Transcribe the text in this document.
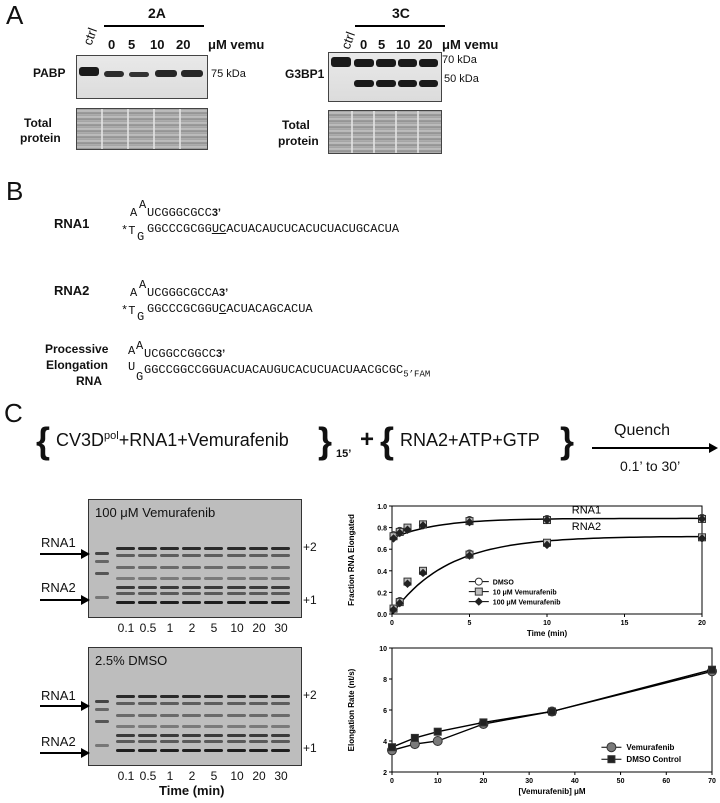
A
ctrl
2A
0 5 10 20 μM vemu
PABP	75 kDa
Total
protein
ctrl
3C
0 5 10 20 μM vemu
G3BP1
70 kDa
50 kDa
Total
protein
B
RNA1
A
A
UCGGGCGCC3’
*T G
GGCCCGCGGUCACUACAUCUCACUCUACUGCACUA
RNA2	A
A
UCGGGCGCCA3’
*T G
GGCCCGCGGUCACUACAGCACUA
Processive
Elongation
RNA
A A
UCGGCCGGCC3’
U
G $GGCCGGCCGGUACUACAUGUCACUCUACUAACGCGC_{5’FAM}$
C
{ $CV3D^{pol}+RNA1+Vemurafenib$ } 15’
+ { RNA2+ATP+GTP } Quench
0.1’ to 30’
100 μM Vemurafenib
RNA1
RNA2
+2
+1
0.1 0.5 1	2	5	10 20 30
2.5% DMSO
RNA1
RNA2
+2
+1
0.1 0.5 1	2	5	10 20 30
Time (min)
0.0
0.2
0.4
0.6
0.8
1.0
0	5	10	15	20
Time (min)
Fraction RNA Elongated
RNA1
RNA2
DMSO
10 μM Vemurafenib
100 μM Vemurafenib
2
4
6
8
10
0	10	20	30	40	50	60	70
[Vemurafenib] μM
Elongation Rate (nt/s)	Vemurafenib
DMSO Control
